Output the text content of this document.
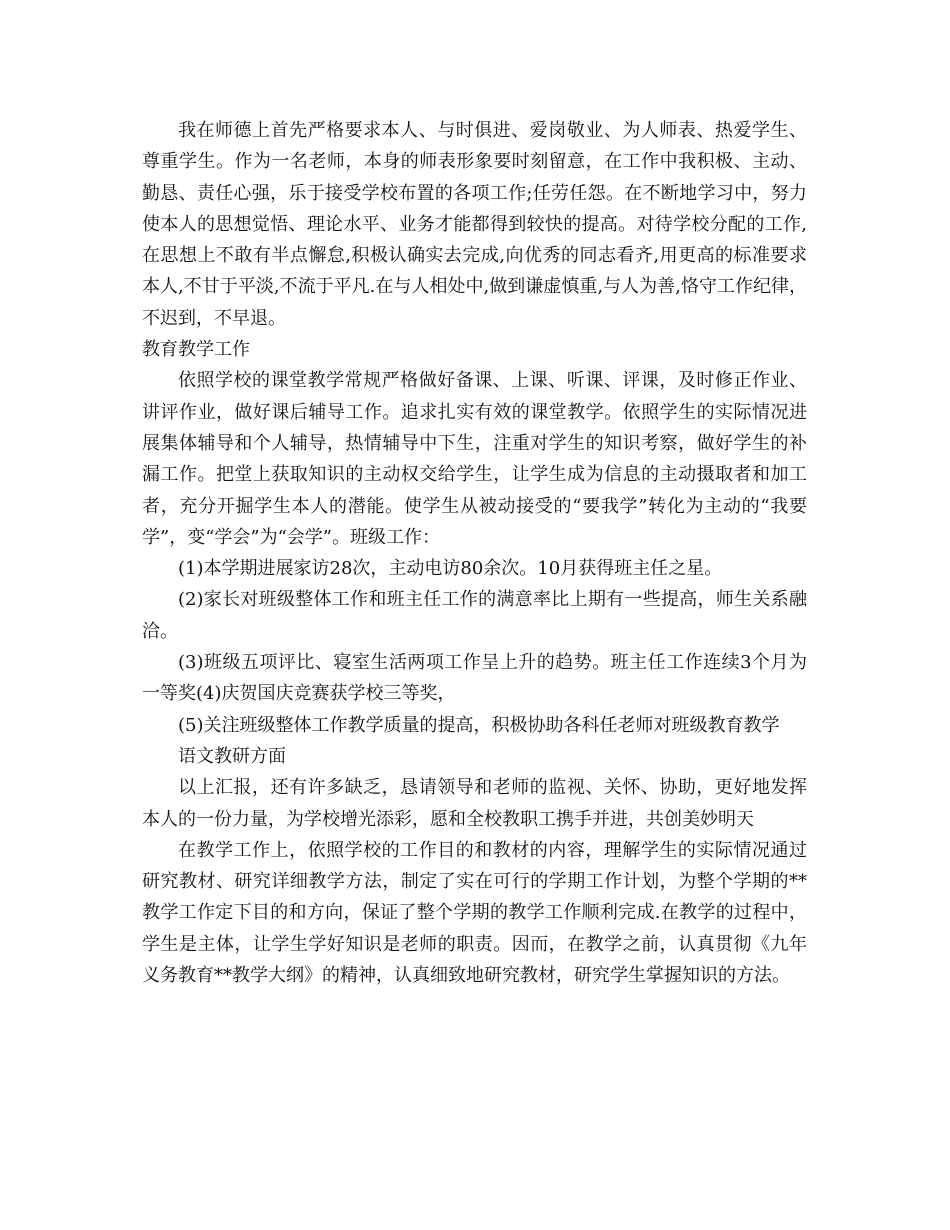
我在师德上首先严格要求本人、与时俱进、爱岗敬业、为人师表、热爱学生、尊重学生。作为一名老师，本身的师表形象要时刻留意，在工作中我积极、主动、勤恳、责任心强，乐于接受学校布置的各项工作;任劳任怨。在不断地学习中，努力使本人的思想觉悟、理论水平、业务才能都得到较快的提高。对待学校分配的工作,在思想上不敢有半点懈怠,积极认确实去完成,向优秀的同志看齐,用更高的标准要求本人,不甘于平淡,不流于平凡.在与人相处中,做到谦虚慎重,与人为善,恪守工作纪律，不迟到，不早退。

教育教学工作

依照学校的课堂教学常规严格做好备课、上课、听课、评课，及时修正作业、讲评作业，做好课后辅导工作。追求扎实有效的课堂教学。依照学生的实际情况进展集体辅导和个人辅导，热情辅导中下生，注重对学生的知识考察，做好学生的补漏工作。把堂上获取知识的主动权交给学生，让学生成为信息的主动摄取者和加工者，充分开掘学生本人的潜能。使学生从被动接受的“要我学”转化为主动的“我要学”，变“学会”为“会学”。班级工作：

(1)本学期进展家访28次，主动电访80余次。10月获得班主任之星。

(2)家长对班级整体工作和班主任工作的满意率比上期有一些提高，师生关系融洽。

(3)班级五项评比、寝室生活两项工作呈上升的趋势。班主任工作连续3个月为一等奖(4)庆贺国庆竞赛获学校三等奖，

(5)关注班级整体工作教学质量的提高，积极协助各科任老师对班级教育教学

语文教研方面

以上汇报，还有许多缺乏，恳请领导和老师的监视、关怀、协助，更好地发挥本人的一份力量，为学校增光添彩，愿和全校教职工携手并进，共创美妙明天

在教学工作上，依照学校的工作目的和教材的内容，理解学生的实际情况通过研究教材、研究详细教学方法，制定了实在可行的学期工作计划，为整个学期的**教学工作定下目的和方向，保证了整个学期的教学工作顺利完成.在教学的过程中，学生是主体，让学生学好知识是老师的职责。因而，在教学之前，认真贯彻《九年义务教育**教学大纲》的精神，认真细致地研究教材，研究学生掌握知识的方法。
